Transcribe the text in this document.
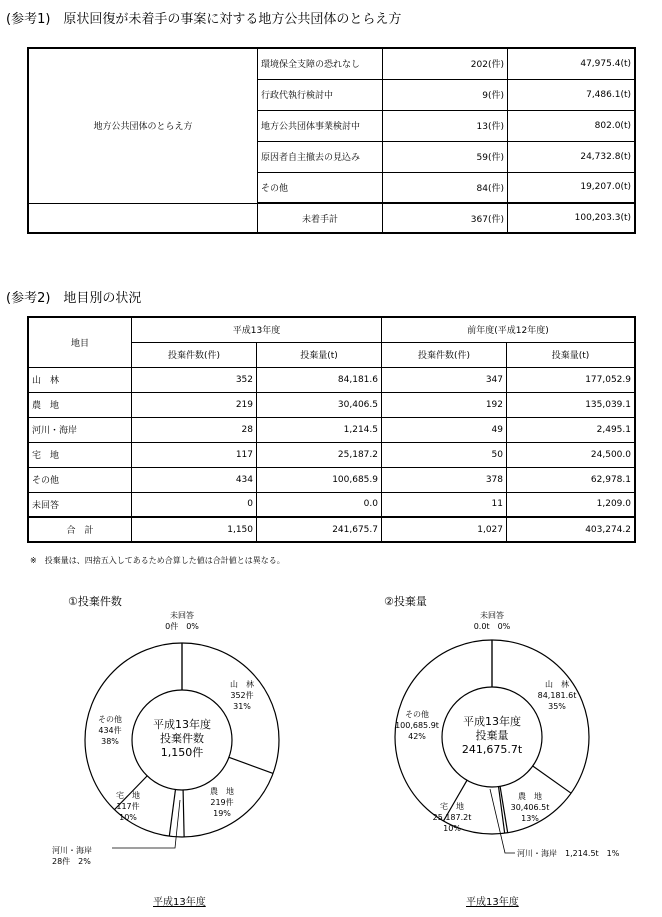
(参考1)　原状回復が未着手の事案に対する地方公共団体のとらえ方
地方公共団体のとらえ方	環境保全支障の恐れなし	202(件)	47,975.4(t)
	行政代執行検討中	9(件)	7,486.1(t)
	地方公共団体事業検討中	13(件)	802.0(t)
	原因者自主撤去の見込み	59(件)	24,732.8(t)
	その他	84(件)	19,207.0(t)
	未着手計	367(件)	100,203.3(t)
(参考2)　地目別の状況
地目	平成13年度		前年度(平成12年度)	
	投棄件数(件)	投棄量(t)	投棄件数(件)	投棄量(t)
山　林	352	84,181.6	347	177,052.9
農　地	219	30,406.5	192	135,039.1
河川・海岸	28	1,214.5	49	2,495.1
宅　地	117	25,187.2	50	24,500.0
その他	434	100,685.9	378	62,978.1
未回答	0	0.0	11	1,209.0
合　計	1,150	241,675.7	1,027	403,274.2
※　投棄量は、四捨五入してあるため合算した値は合計値とは異なる。
①投棄件数
平成13年度
投棄件数
1,150件
山　林
352件
31%
農　地
219件
19%
河川・海岸
28件　2%
宅　地
117件
10%
その他
434件
38%
未回答
0件　0%
平成13年度
②投棄量
平成13年度
投棄量
241,675.7t
山　林
84,181.6t
35%
農　地
30,406.5t
13%
河川・海岸　1,214.5t　1%
宅　地
25,187.2t
10%
その他
100,685.9t
42%
未回答
0.0t　0%
平成13年度
